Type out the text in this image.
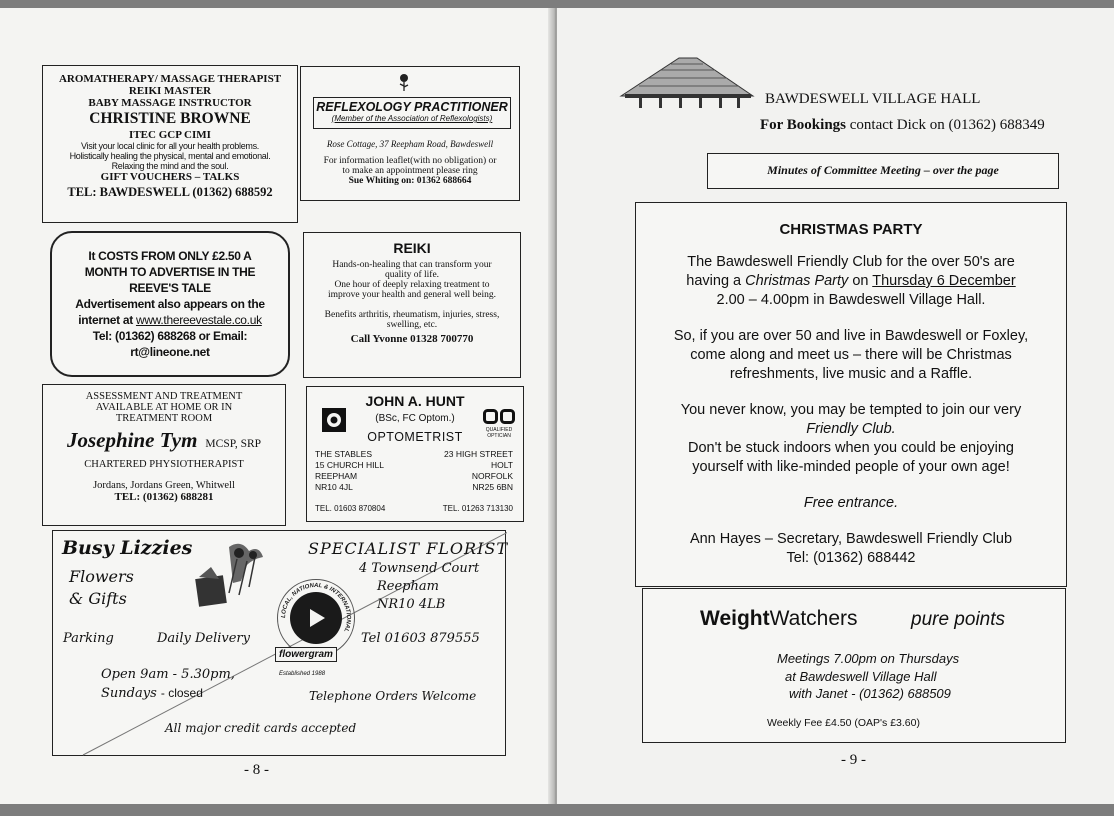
AROMATHERAPY/ MASSAGE THERAPIST
REIKI MASTER
BABY MASSAGE INSTRUCTOR
CHRISTINE BROWNE
ITEC GCP CIMI
Visit your local clinic for all your health problems.
Holistically healing the physical, mental and emotional.
Relaxing the mind and the soul.
GIFT VOUCHERS – TALKS
TEL: BAWDESWELL (01362) 688592
REFLEXOLOGY PRACTITIONER
(Member of the Association of Reflexologists)
Rose Cottage, 37 Reepham Road, Bawdeswell
For information leaflet(with no obligation) or
to make an appointment please ring
Sue Whiting on: 01362 688664
It COSTS FROM ONLY £2.50 A
MONTH TO ADVERTISE IN THE
REEVE'S TALE
Advertisement also appears on the
internet at www.thereevestale.co.uk
Tel: (01362) 688268 or Email:
rt@lineone.net
REIKI
Hands-on-healing that can transform your
quality of life.
One hour of deeply relaxing treatment to
improve your health and general well being.
Benefits arthritis, rheumatism, injuries, stress,
swelling, etc.
Call Yvonne 01328 700770
ASSESSMENT AND TREATMENT
AVAILABLE AT HOME OR IN
TREATMENT ROOM
Josephine Tym MCSP, SRP
CHARTERED PHYSIOTHERAPIST
Jordans, Jordans Green, Whitwell
TEL: (01362) 688281
JOHN A. HUNT
(BSc, FC Optom.)
OPTOMETRIST	QUALIFIED OPTICIAN
THE STABLES
15 CHURCH HILL
REEPHAM
NR10 4JL
23 HIGH STREET
HOLT
NORFOLK
NR25 6BN
TEL. 01603 870804	TEL. 01263 713130
Busy Lizzies
Flowers
& Gifts
SPECIALIST FLORIST
4 Townsend Court
Reepham
NR10 4LB
LOCAL, NATIONAL & INTERNATIONAL
flowergram
Established 1988
Parking	Daily Delivery	Tel 01603 879555
Open 9am - 5.30pm,
Sundays - closed	Telephone Orders Welcome
All major credit cards accepted
- 8 -
BAWDESWELL VILLAGE HALL
For Bookings contact Dick on (01362) 688349
Minutes of Committee Meeting – over the page
CHRISTMAS PARTY
The Bawdeswell Friendly Club for the over 50's are
having a Christmas Party on Thursday 6 December
2.00 – 4.00pm in Bawdeswell Village Hall.
So, if you are over 50 and live in Bawdeswell or Foxley,
come along and meet us – there will be Christmas
refreshments, live music and a Raffle.
You never know, you may be tempted to join our very
Friendly Club.
Don't be stuck indoors when you could be enjoying
yourself with like-minded people of your own age!
Free entrance.
Ann Hayes – Secretary, Bawdeswell Friendly Club
Tel: (01362) 688442
WeightWatchers	pure points
Meetings 7.00pm on Thursdays
at Bawdeswell Village Hall
with Janet - (01362) 688509
Weekly Fee £4.50 (OAP's £3.60)
- 9 -
